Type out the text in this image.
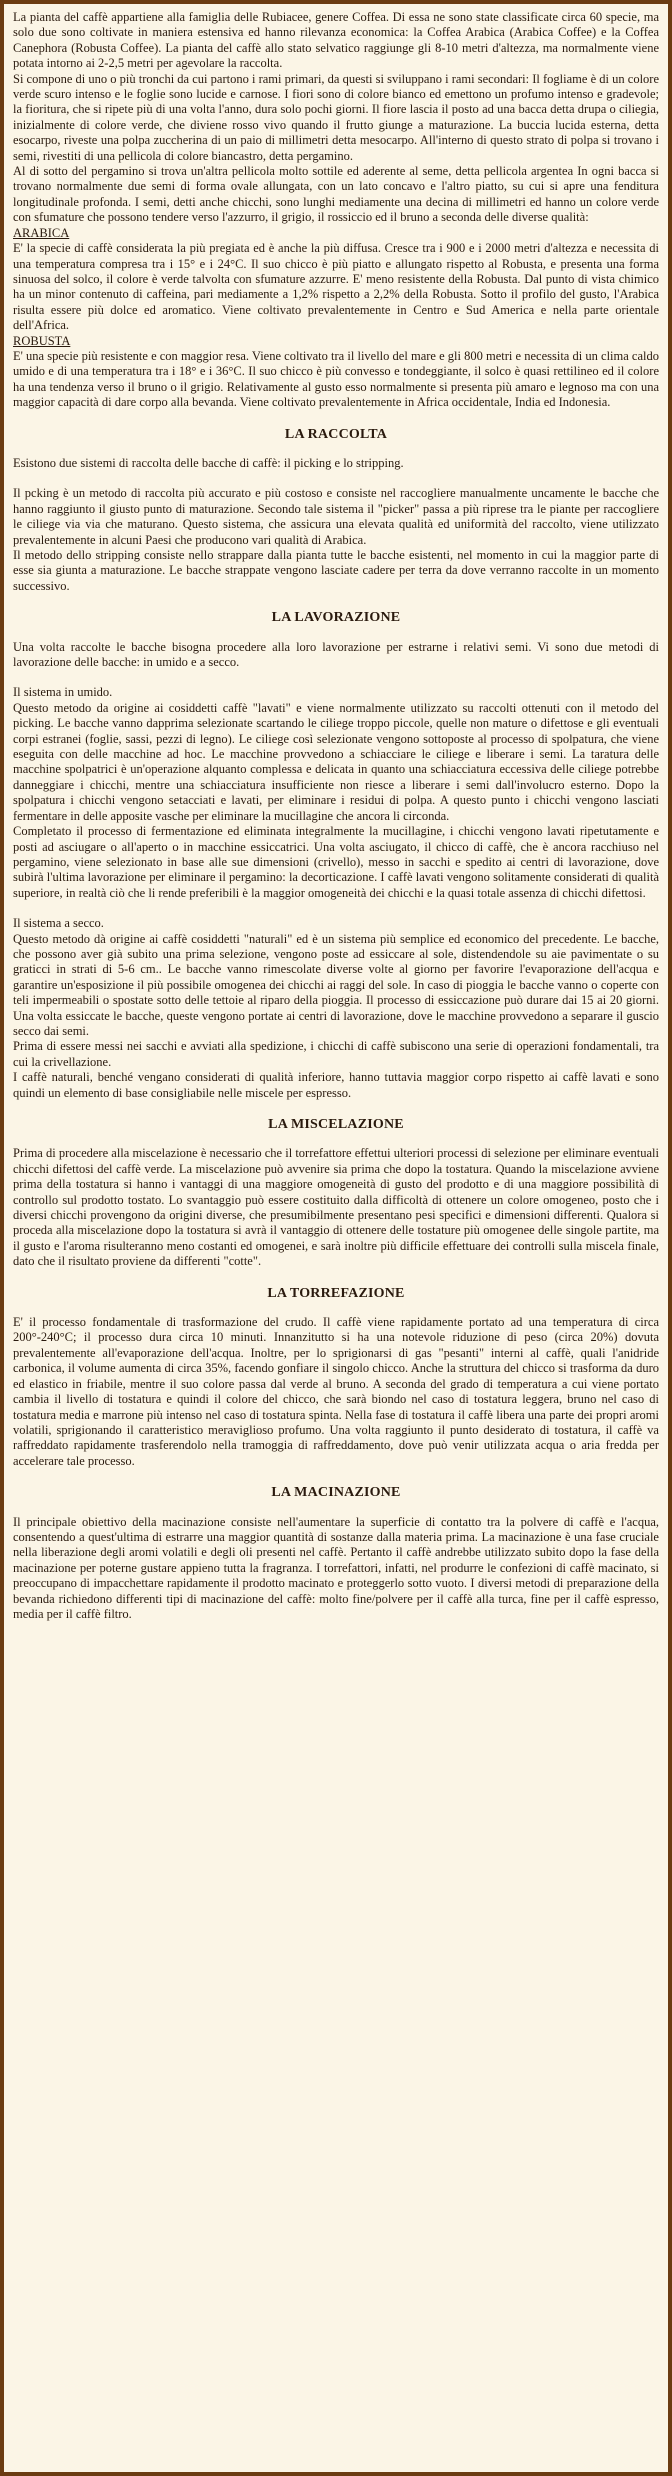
La pianta del caffè appartiene alla famiglia delle Rubiacee, genere Coffea. Di essa ne sono state classificate circa 60 specie, ma solo due sono coltivate in maniera estensiva ed hanno rilevanza economica: la Coffea Arabica (Arabica Coffee) e la Coffea Canephora (Robusta Coffee). La pianta del caffè allo stato selvatico raggiunge gli 8-10 metri d'altezza, ma normalmente viene potata intorno ai 2-2,5 metri per agevolare la raccolta.

Si compone di uno o più tronchi da cui partono i rami primari, da questi si sviluppano i rami secondari: Il fogliame è di un colore verde scuro intenso e le foglie sono lucide e carnose. I fiori sono di colore bianco ed emettono un profumo intenso e gradevole; la fioritura, che si ripete più di una volta l'anno, dura solo pochi giorni. Il fiore lascia il posto ad una bacca detta drupa o ciliegia, inizialmente di colore verde, che diviene rosso vivo quando il frutto giunge a maturazione. La buccia lucida esterna, detta esocarpo, riveste una polpa zuccherina di un paio di millimetri detta mesocarpo. All'interno di questo strato di polpa si trovano i semi, rivestiti di una pellicola di colore biancastro, detta pergamino.

Al di sotto del pergamino si trova un'altra pellicola molto sottile ed aderente al seme, detta pellicola argentea In ogni bacca si trovano normalmente due semi di forma ovale allungata, con un lato concavo e l'altro piatto, su cui si apre una fenditura longitudinale profonda. I semi, detti anche chicchi, sono lunghi mediamente una decina di millimetri ed hanno un colore verde con sfumature che possono tendere verso l'azzurro, il grigio, il rossiccio ed il bruno a seconda delle diverse qualità:

ARABICA

E' la specie di caffè considerata la più pregiata ed è anche la più diffusa. Cresce tra i 900 e i 2000 metri d'altezza e necessita di una temperatura compresa tra i 15° e i 24°C. Il suo chicco è più piatto e allungato rispetto al Robusta, e presenta una forma sinuosa del solco, il colore è verde talvolta con sfumature azzurre. E' meno resistente della Robusta. Dal punto di vista chimico ha un minor contenuto di caffeina, pari mediamente a 1,2% rispetto a 2,2% della Robusta. Sotto il profilo del gusto, l'Arabica risulta essere più dolce ed aromatico. Viene coltivato prevalentemente in Centro e Sud America e nella parte orientale dell'Africa.

ROBUSTA

E' una specie più resistente e con maggior resa. Viene coltivato tra il livello del mare e gli 800 metri e necessita di un clima caldo umido e di una temperatura tra i 18° e i 36°C. Il suo chicco è più convesso e tondeggiante, il solco è quasi rettilineo ed il colore ha una tendenza verso il bruno o il grigio. Relativamente al gusto esso normalmente si presenta più amaro e legnoso ma con una maggior capacità di dare corpo alla bevanda. Viene coltivato prevalentemente in Africa occidentale, India ed Indonesia.

LA RACCOLTA

Esistono due sistemi di raccolta delle bacche di caffè: il picking e lo stripping.

Il pcking è un metodo di raccolta più accurato e più costoso e consiste nel raccogliere manualmente uncamente le bacche che hanno raggiunto il giusto punto di maturazione. Secondo tale sistema il "picker" passa a più riprese tra le piante per raccogliere le ciliege via via che maturano. Questo sistema, che assicura una elevata qualità ed uniformità del raccolto, viene utilizzato prevalentemente in alcuni Paesi che producono vari qualità di Arabica.

Il metodo dello stripping consiste nello strappare dalla pianta tutte le bacche esistenti, nel momento in cui la maggior parte di esse sia giunta a maturazione. Le bacche strappate vengono lasciate cadere per terra da dove verranno raccolte in un momento successivo.

LA LAVORAZIONE

Una volta raccolte le bacche bisogna procedere alla loro lavorazione per estrarne i relativi semi. Vi sono due metodi di lavorazione delle bacche: in umido e a secco.

Il sistema in umido.

Questo metodo da origine ai cosiddetti caffè "lavati" e viene normalmente utilizzato su raccolti ottenuti con il metodo del picking. Le bacche vanno dapprima selezionate scartando le ciliege troppo piccole, quelle non mature o difettose e gli eventuali corpi estranei (foglie, sassi, pezzi di legno). Le ciliege così selezionate vengono sottoposte al processo di spolpatura, che viene eseguita con delle macchine ad hoc. Le macchine provvedono a schiacciare le ciliege e liberare i semi. La taratura delle macchine spolpatrici è un'operazione alquanto complessa e delicata in quanto una schiacciatura eccessiva delle ciliege potrebbe danneggiare i chicchi, mentre una schiacciatura insufficiente non riesce a liberare i semi dall'involucro esterno. Dopo la spolpatura i chicchi vengono setacciati e lavati, per eliminare i residui di polpa. A questo punto i chicchi vengono lasciati fermentare in delle apposite vasche per eliminare la mucillagine che ancora li circonda.

Completato il processo di fermentazione ed eliminata integralmente la mucillagine, i chicchi vengono lavati ripetutamente e posti ad asciugare o all'aperto o in macchine essiccatrici. Una volta asciugato, il chicco di caffè, che è ancora racchiuso nel pergamino, viene selezionato in base alle sue dimensioni (crivello), messo in sacchi e spedito ai centri di lavorazione, dove subirà l'ultima lavorazione per eliminare il pergamino: la decorticazione. I caffè lavati vengono solitamente considerati di qualità superiore, in realtà ciò che li rende preferibili è la maggior omogeneità dei chicchi e la quasi totale assenza di chicchi difettosi.

Il sistema a secco.

Questo metodo dà origine ai caffè cosiddetti "naturali" ed è un sistema più semplice ed economico del precedente. Le bacche, che possono aver già subito una prima selezione, vengono poste ad essiccare al sole, distendendole su aie pavimentate o su graticci in strati di 5-6 cm.. Le bacche vanno rimescolate diverse volte al giorno per favorire l'evaporazione dell'acqua e garantire un'esposizione il più possibile omogenea dei chicchi ai raggi del sole. In caso di pioggia le bacche vanno o coperte con teli impermeabili o spostate sotto delle tettoie al riparo della pioggia. Il processo di essiccazione può durare dai 15 ai 20 giorni. Una volta essiccate le bacche, queste vengono portate ai centri di lavorazione, dove le macchine provvedono a separare il guscio secco dai semi.

Prima di essere messi nei sacchi e avviati alla spedizione, i chicchi di caffè subiscono una serie di operazioni fondamentali, tra cui la crivellazione.

I caffè naturali, benché vengano considerati di qualità inferiore, hanno tuttavia maggior corpo rispetto ai caffè lavati e sono quindi un elemento di base consigliabile nelle miscele per espresso.

LA MISCELAZIONE

Prima di procedere alla miscelazione è necessario che il torrefattore effettui ulteriori processi di selezione per eliminare eventuali chicchi difettosi del caffè verde. La miscelazione può avvenire sia prima che dopo la tostatura. Quando la miscelazione avviene prima della tostatura si hanno i vantaggi di una maggiore omogeneità di gusto del prodotto e di una maggiore possibilità di controllo sul prodotto tostato. Lo svantaggio può essere costituito dalla difficoltà di ottenere un colore omogeneo, posto che i diversi chicchi provengono da origini diverse, che presumibilmente presentano pesi specifici e dimensioni differenti. Qualora si proceda alla miscelazione dopo la tostatura si avrà il vantaggio di ottenere delle tostature più omogenee delle singole partite, ma il gusto e l'aroma risulteranno meno costanti ed omogenei, e sarà inoltre più difficile effettuare dei controlli sulla miscela finale, dato che il risultato proviene da differenti "cotte".

LA TORREFAZIONE

E' il processo fondamentale di trasformazione del crudo. Il caffè viene rapidamente portato ad una temperatura di circa 200°-240°C; il processo dura circa 10 minuti. Innanzitutto si ha una notevole riduzione di peso (circa 20%) dovuta prevalentemente all'evaporazione dell'acqua. Inoltre, per lo sprigionarsi di gas "pesanti" interni al caffè, quali l'anidride carbonica, il volume aumenta di circa 35%, facendo gonfiare il singolo chicco. Anche la struttura del chicco si trasforma da duro ed elastico in friabile, mentre il suo colore passa dal verde al bruno. A seconda del grado di temperatura a cui viene portato cambia il livello di tostatura e quindi il colore del chicco, che sarà biondo nel caso di tostatura leggera, bruno nel caso di tostatura media e marrone più intenso nel caso di tostatura spinta. Nella fase di tostatura il caffè libera una parte dei propri aromi volatili, sprigionando il caratteristico meraviglioso profumo. Una volta raggiunto il punto desiderato di tostatura, il caffè va raffreddato rapidamente trasferendolo nella tramoggia di raffreddamento, dove può venir utilizzata acqua o aria fredda per accelerare tale processo.

LA MACINAZIONE

Il principale obiettivo della macinazione consiste nell'aumentare la superficie di contatto tra la polvere di caffè e l'acqua, consentendo a quest'ultima di estrarre una maggior quantità di sostanze dalla materia prima. La macinazione è una fase cruciale nella liberazione degli aromi volatili e degli oli presenti nel caffè. Pertanto il caffè andrebbe utilizzato subito dopo la fase della macinazione per poterne gustare appieno tutta la fragranza. I torrefattori, infatti, nel produrre le confezioni di caffè macinato, si preoccupano di impacchettare rapidamente il prodotto macinato e proteggerlo sotto vuoto. I diversi metodi di preparazione della bevanda richiedono differenti tipi di macinazione del caffè: molto fine/polvere per il caffè alla turca, fine per il caffè espresso, media per il caffè filtro.
